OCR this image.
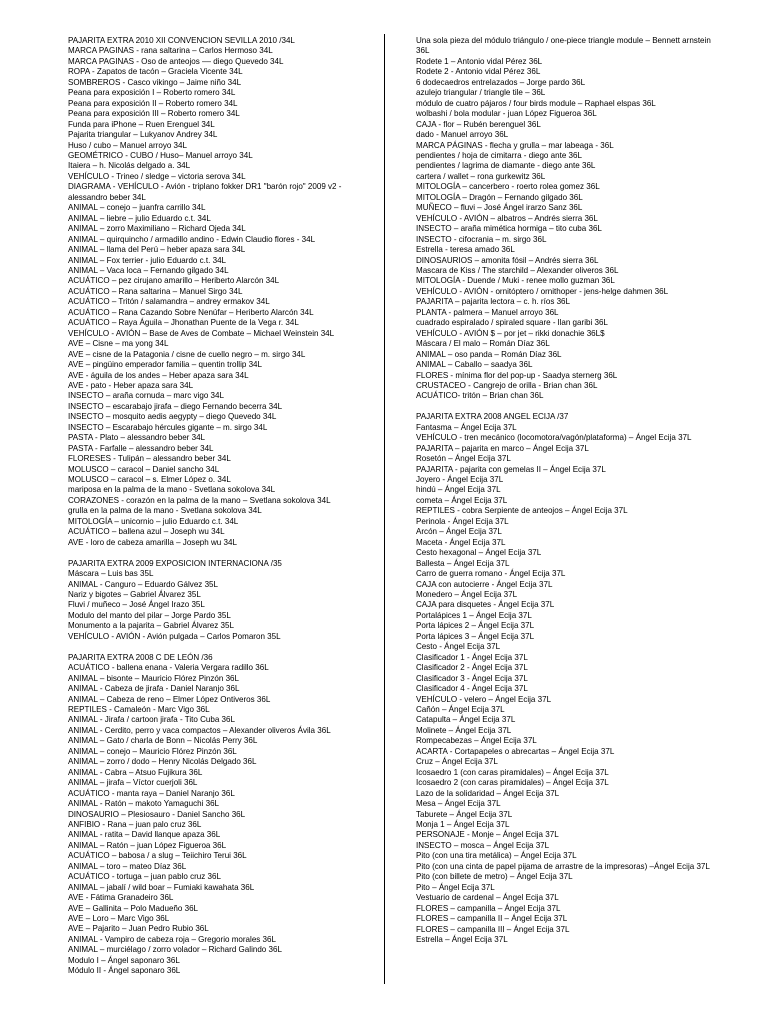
PAJARITA EXTRA 2010 XII CONVENCION SEVILLA 2010 /34L
MARCA PAGINAS - rana saltarina – Carlos Hermoso 34L
MARCA PAGINAS - Oso de anteojos –– diego Quevedo 34L
ROPA - Zapatos de tacón – Graciela Vicente 34L
SOMBREROS - Casco vikingo – Jaime niño 34L
Peana para exposición I – Roberto romero 34L
Peana para exposición II – Roberto romero 34L
Peana para exposición III – Roberto romero 34L
Funda para iPhone – Ruen Erenguel 34L
Pajarita triangular – Lukyanov Andrey 34L
Huso / cubo – Manuel arroyo 34L
GEOMÉTRICO - CUBO / Huso– Manuel arroyo 34L
Itaiera – h. Nicolás delgado a. 34L
VEHÍCULO - Trineo / sledge – victoria serova 34L
DIAGRAMA - VEHÍCULO - Avión - triplano fokker DR1 "barón rojo" 2009 v2 - alessandro beber 34L
ANIMAL – conejo – juanfra carrillo 34L
ANIMAL – liebre – julio Eduardo c.t. 34L
ANIMAL – zorro Maximiliano – Richard Ojeda 34L
ANIMAL – quirquincho / armadillo andino - Edwin Claudio flores - 34L
ANIMAL – llama del Perú – heber apaza sara 34L
ANIMAL – Fox terrier - julio Eduardo c.t. 34L
ANIMAL – Vaca loca – Fernando gilgado 34L
ACUÁTICO – pez cirujano amarillo – Heriberto Alarcón 34L
ACUÁTICO – Rana saltarina – Manuel Sirgo 34L
ACUÁTICO – Tritón / salamandra – andrey ermakov 34L
ACUÁTICO – Rana Cazando Sobre Nenúfar – Heriberto Alarcón 34L
ACUÁTICO – Raya Águila – Jhonathan Puente de la Vega r. 34L
VEHÍCULO - AVIÓN – Base de Aves de Combate – Michael Weinstein 34L
AVE – Cisne – ma yong 34L
AVE – cisne de la Patagonia / cisne de cuello negro – m. sirgo 34L
AVE – pingüino emperador familia – quentin trollip 34L
AVE - águila de los andes – Heber apaza sara 34L
AVE - pato - Heber apaza sara 34L
INSECTO – araña cornuda – marc vigo 34L
INSECTO – escarabajo jirafa – diego Fernando becerra 34L
INSECTO – mosquito aedis aegypty – diego Quevedo 34L
INSECTO – Escarabajo hércules gigante – m. sirgo 34L
PASTA - Plato – alessandro beber 34L
PASTA - Farfalle – alessandro beber 34L
FLORESES - Tulipán – alessandro beber 34L
MOLUSCO – caracol – Daniel sancho 34L
MOLUSCO – caracol – s. Elmer López o. 34L
mariposa en la palma de la mano - Svetlana sokolova 34L
CORAZONES - corazón en la palma de la mano – Svetlana sokolova 34L
grulla en la palma de la mano - Svetlana sokolova 34L
MITOLOGÍA – unicornio – julio Eduardo c.t. 34L
ACUÁTICO – ballena azul – Joseph wu 34L
AVE - loro de cabeza amarilla – Joseph wu 34L
PAJARITA EXTRA 2009 EXPOSICION INTERNACIONA /35
Máscara – Luis bas 35L
ANIMAL - Canguro – Eduardo Gálvez 35L
Nariz y bigotes – Gabriel Álvarez 35L
Fluvi / muñeco – José Ángel Irazo 35L
Modulo del manto del pilar – Jorge Pardo 35L
Monumento a la pajarita – Gabriel Álvarez 35L
VEHÍCULO - AVIÓN - Avión pulgada – Carlos Pomaron 35L
PAJARITA EXTRA 2008 C DE LEÓN /36
ACUÁTICO - ballena enana - Valeria Vergara radillo 36L
ANIMAL – bisonte – Mauricio Flórez Pinzón 36L
ANIMAL - Cabeza de jirafa - Daniel Naranjo 36L
ANIMAL – Cabeza de reno – Elmer López Ontiveros 36L
REPTILES - Camaleón - Marc Vigo 36L
ANIMAL - Jirafa / cartoon jirafa - Tito Cuba 36L
ANIMAL - Cerdito, perro y vaca compactos – Alexander oliveros Ávila 36L
ANIMAL – Gato / charla de Bonn – Nicolás Perry 36L
ANIMAL – conejo – Mauricio Flórez Pinzón 36L
ANIMAL – zorro / dodo – Henry Nicolás Delgado 36L
ANIMAL - Cabra – Atsuo Fujikura 36L
ANIMAL – jirafa – Víctor cuerjoli 36L
ACUÁTICO - manta raya – Daniel Naranjo 36L
ANIMAL - Ratón – makoto Yamaguchi 36L
DINOSAURIO – Plesiosauro - Daniel Sancho 36L
ANFIBIO - Rana – juan palo cruz 36L
ANIMAL - ratita – David llanque apaza 36L
ANIMAL – Ratón – juan López Figueroa 36L
ACUÁTICO – babosa / a slug – Teiichiro Terui 36L
ANIMAL – toro – mateo Díaz 36L
ACUÁTICO - tortuga – juan pablo cruz 36L
ANIMAL – jabalí / wild boar – Fumiaki kawahata 36L
AVE - Fátima Granadeiro 36L
AVE – Gallinita – Polo Madueño 36L
AVE – Loro – Marc Vigo 36L
AVE – Pajarito – Juan Pedro Rubio 36L
ANIMAL - Vampiro de cabeza roja – Gregorio morales 36L
ANIMAL – murciélago / zorro volador – Richard Galindo 36L
Modulo I – Ángel saponaro 36L
Módulo II - Ángel saponaro 36L
Una sola pieza del módulo triángulo / one-piece triangle module – Bennett arnstein 36L
Rodete 1 – Antonio vidal Pérez 36L
Rodete 2 - Antonio vidal Pérez 36L
6 dodecaedros entrelazados – Jorge pardo 36L
azulejo triangular / triangle tile – 36L
módulo de cuatro pájaros / four birds module – Raphael elspas 36L
wolbashi / bola modular - juan López Figueroa 36L
CAJA - flor – Rubén berenguel 36L
dado - Manuel arroyo 36L
MARCA PÁGINAS - flecha y grulla – mar labeaga - 36L
pendientes / hoja de cimitarra - diego ante 36L
pendientes / lagrima de diamante - diego ante 36L
cartera / wallet – rona gurkewitz 36L
MITOLOGÍA – cancerbero - roerto rolea gomez 36L
MITOLOGÍA – Dragón – Fernando gilgado 36L
MUÑECO – fluvi – José Ángel irarzo Sanz 36L
VEHÍCULO - AVIÓN – albatros – Andrés sierra 36L
INSECTO – araña mimética hormiga – tito cuba 36L
INSECTO - cifocrania – m. sirgo 36L
Estrella - teresa amado 36L
DINOSAURIOS – amonita fósil – Andrés sierra 36L
Mascara de Kiss / The starchild – Alexander oliveros 36L
MITOLOGÍA - Duende / Muki - renee mollo guzman 36L
VEHÍCULO - AVIÓN - ornitóptero / ornithoper - jens-helge dahmen 36L
PAJARITA – pajarita lectora – c. h. ríos 36L
PLANTA - palmera – Manuel arroyo 36L
cuadrado espiralado / spiraled square - llan garibi 36L
VEHÍCULO - AVIÓN $ – por jet – rikki donachie 36L$
Máscara / El malo – Román Díaz 36L
ANIMAL – oso panda – Román Díaz 36L
ANIMAL – Caballo – saadya 36L
FLORES - mínima flor del pop-up - Saadya sternerg 36L
CRUSTACEO - Cangrejo de orilla - Brian chan 36L
ACUÁTICO- tritón – Brian chan 36L
PAJARITA EXTRA 2008 ANGEL ECIJA /37
Fantasma – Ángel Ecija 37L
VEHÍCULO - tren mecánico (locomotora/vagón/plataforma) – Ángel Ecija 37L
PAJARITA – pajarita en marco – Ángel Ecija 37L
Rosetón – Ángel Ecija 37L
PAJARITA - pajarita con gemelas II – Ángel Ecija 37L
Joyero - Ángel Ecija 37L
hindú – Ángel Ecija 37L
cometa – Ángel Ecija 37L
REPTILES - cobra Serpiente de anteojos – Ángel Ecija 37L
Perinola - Ángel Ecija 37L
Arcón – Ángel Ecija 37L
Maceta - Ángel Ecija 37L
Cesto hexagonal – Ángel Ecija 37L
Ballesta – Ángel Ecija 37L
Carro de guerra romano - Ángel Ecija 37L
CAJA con autocierre - Ángel Ecija 37L
Monedero – Ángel Ecija 37L
CAJA para disquetes - Ángel Ecija 37L
Portalápices 1 – Ángel Ecija 37L
Porta lápices 2 – Ángel Ecija 37L
Porta lápices 3 – Ángel Ecija 37L
Cesto - Ángel Ecija 37L
Clasificador 1 - Ángel Ecija 37L
Clasificador 2 - Ángel Ecija 37L
Clasificador 3 - Ángel Ecija 37L
Clasificador 4 - Ángel Ecija 37L
VEHÍCULO - velero – Ángel Ecija 37L
Cañón – Ángel Ecija 37L
Catapulta – Ángel Ecija 37L
Molinete – Ángel Ecija 37L
Rompecabezas – Ángel Ecija 37L
ACARTA - Cortapapeles o abrecartas – Ángel Ecija 37L
Cruz – Ángel Ecija 37L
Icosaedro 1 (con caras piramidales) – Ángel Ecija 37L
Icosaedro 2 (con caras piramidales) – Ángel Ecija 37L
Lazo de la solidaridad – Ángel Ecija 37L
Mesa – Ángel Ecija 37L
Taburete – Ángel Ecija 37L
Monja 1 – Ángel Ecija 37L
PERSONAJE - Monje – Ángel Ecija 37L
INSECTO – mosca – Ángel Ecija 37L
Pito (con una tira metálica) – Ángel Ecija 37L
Pito (con una cinta de papel pijama de arrastre de la impresoras) –Ángel Ecija 37L
Pito (con billete de metro) – Ángel Ecija 37L
Pito – Ángel Ecija 37L
Vestuario de cardenal – Ángel Ecija 37L
FLORES – campanilla – Ángel Ecija 37L
FLORES – campanilla II – Ángel Ecija 37L
FLORES – campanilla III – Ángel Ecija 37L
Estrella – Ángel Ecija 37L
